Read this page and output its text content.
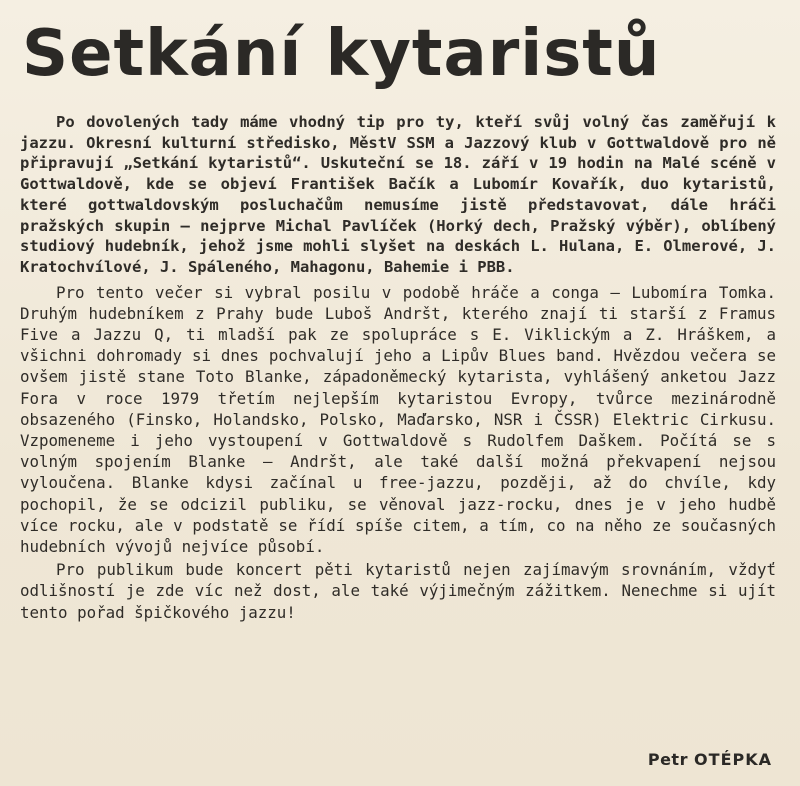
Setkání kytaristů

Po dovolených tady máme vhodný tip pro ty, kteří svůj volný čas zaměřují k jazzu. Okresní kulturní středisko, MěstV SSM a Jazzový klub v Gottwaldově pro ně připravují „Setkání kytaristů“. Uskuteční se 18. září v 19 hodin na Malé scéně v Gottwaldově, kde se objeví František Bačík a Lubomír Kovařík, duo kytaristů, které gottwaldovským posluchačům nemusíme jistě představovat, dále hráči pražských skupin — nejprve Michal Pavlíček (Horký dech, Pražský výběr), oblíbený studiový hudebník, jehož jsme mohli slyšet na deskách L. Hulana, E. Olmerové, J. Kratochvílové, J. Spáleného, Mahagonu, Bahemie i PBB.

Pro tento večer si vybral posilu v podobě hráče a conga — Lubomíra Tomka. Druhým hudebníkem z Prahy bude Luboš Andršt, kterého znají ti starší z Framus Five a Jazzu Q, ti mladší pak ze spolupráce s E. Viklickým a Z. Hráškem, a všichni dohromady si dnes pochvalují jeho a Lipův Blues band. Hvězdou večera se ovšem jistě stane Toto Blanke, západoněmecký kytarista, vyhlášený anketou Jazz Fora v roce 1979 třetím nejlepším kytaristou Evropy, tvůrce mezinárodně obsazeného (Finsko, Holandsko, Polsko, Maďarsko, NSR i ČSSR) Elektric Cirkusu. Vzpomeneme i jeho vystoupení v Gottwaldově s Rudolfem Daškem. Počítá se s volným spojením Blanke — Andršt, ale také další možná překvapení nejsou vyloučena. Blanke kdysi začínal u free-jazzu, později, až do chvíle, kdy pochopil, že se odcizil publiku, se věnoval jazz-rocku, dnes je v jeho hudbě více rocku, ale v podstatě se řídí spíše citem, a tím, co na něho ze současných hudebních vývojů nejvíce působí.

Pro publikum bude koncert pěti kytaristů nejen zajímavým srovnáním, vždyť odlišností je zde víc než dost, ale také výjimečným zážitkem. Nenechme si ujít tento pořad špičkového jazzu!

Petr OTÉPKA
